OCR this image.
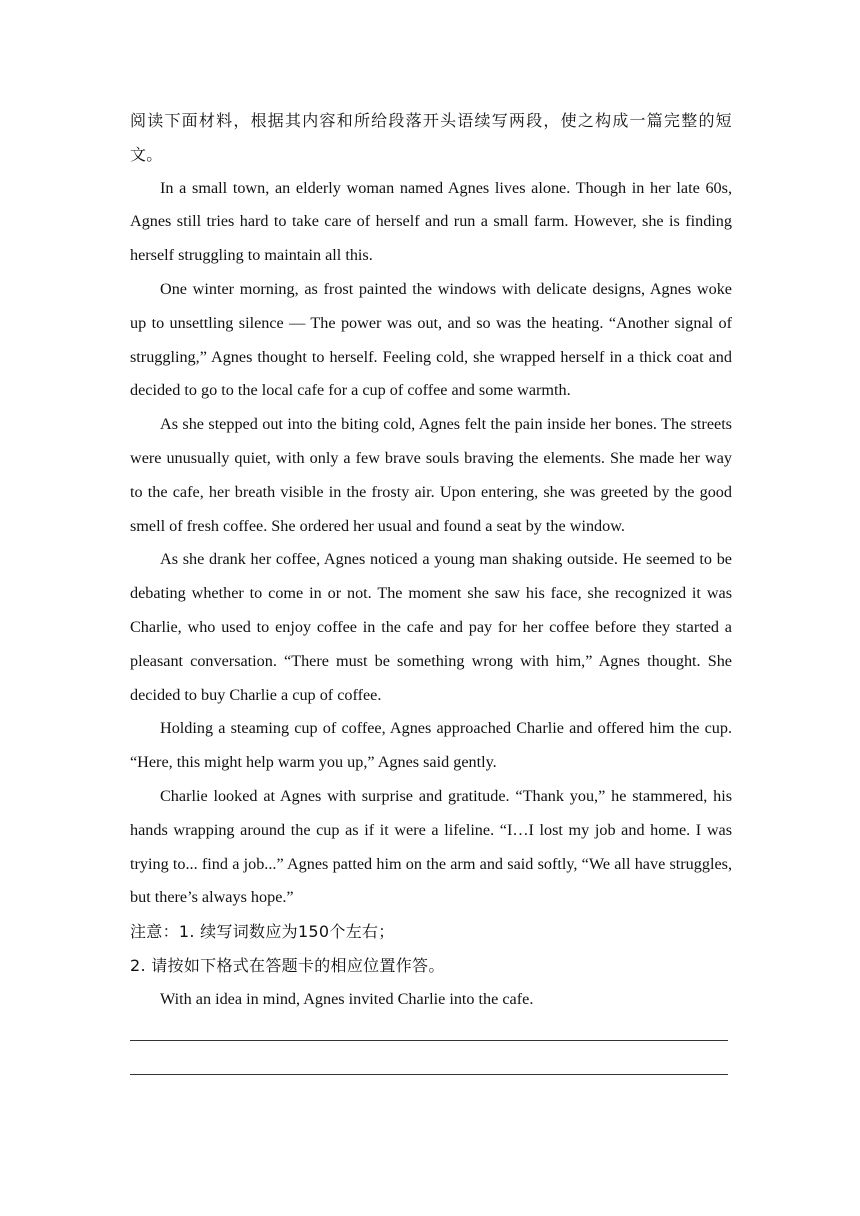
阅读下面材料，根据其内容和所给段落开头语续写两段，使之构成一篇完整的短文。

In a small town, an elderly woman named Agnes lives alone. Though in her late 60s, Agnes still tries hard to take care of herself and run a small farm. However, she is finding herself struggling to maintain all this.

One winter morning, as frost painted the windows with delicate designs, Agnes woke up to unsettling silence — The power was out, and so was the heating. “Another signal of struggling,” Agnes thought to herself. Feeling cold, she wrapped herself in a thick coat and decided to go to the local cafe for a cup of coffee and some warmth.

As she stepped out into the biting cold, Agnes felt the pain inside her bones. The streets were unusually quiet, with only a few brave souls braving the elements. She made her way to the cafe, her breath visible in the frosty air. Upon entering, she was greeted by the good smell of fresh coffee. She ordered her usual and found a seat by the window.

As she drank her coffee, Agnes noticed a young man shaking outside. He seemed to be debating whether to come in or not. The moment she saw his face, she recognized it was Charlie, who used to enjoy coffee in the cafe and pay for her coffee before they started a pleasant conversation. “There must be something wrong with him,” Agnes thought. She decided to buy Charlie a cup of coffee.

Holding a steaming cup of coffee, Agnes approached Charlie and offered him the cup. “Here, this might help warm you up,” Agnes said gently.

Charlie looked at Agnes with surprise and gratitude. “Thank you,” he stammered, his hands wrapping around the cup as if it were a lifeline. “I…I lost my job and home. I was trying to... find a job...” Agnes patted him on the arm and said softly, “We all have struggles, but there’s always hope.”

注意：1. 续写词数应为150个左右；

2. 请按如下格式在答题卡的相应位置作答。

With an idea in mind, Agnes invited Charlie into the cafe.
